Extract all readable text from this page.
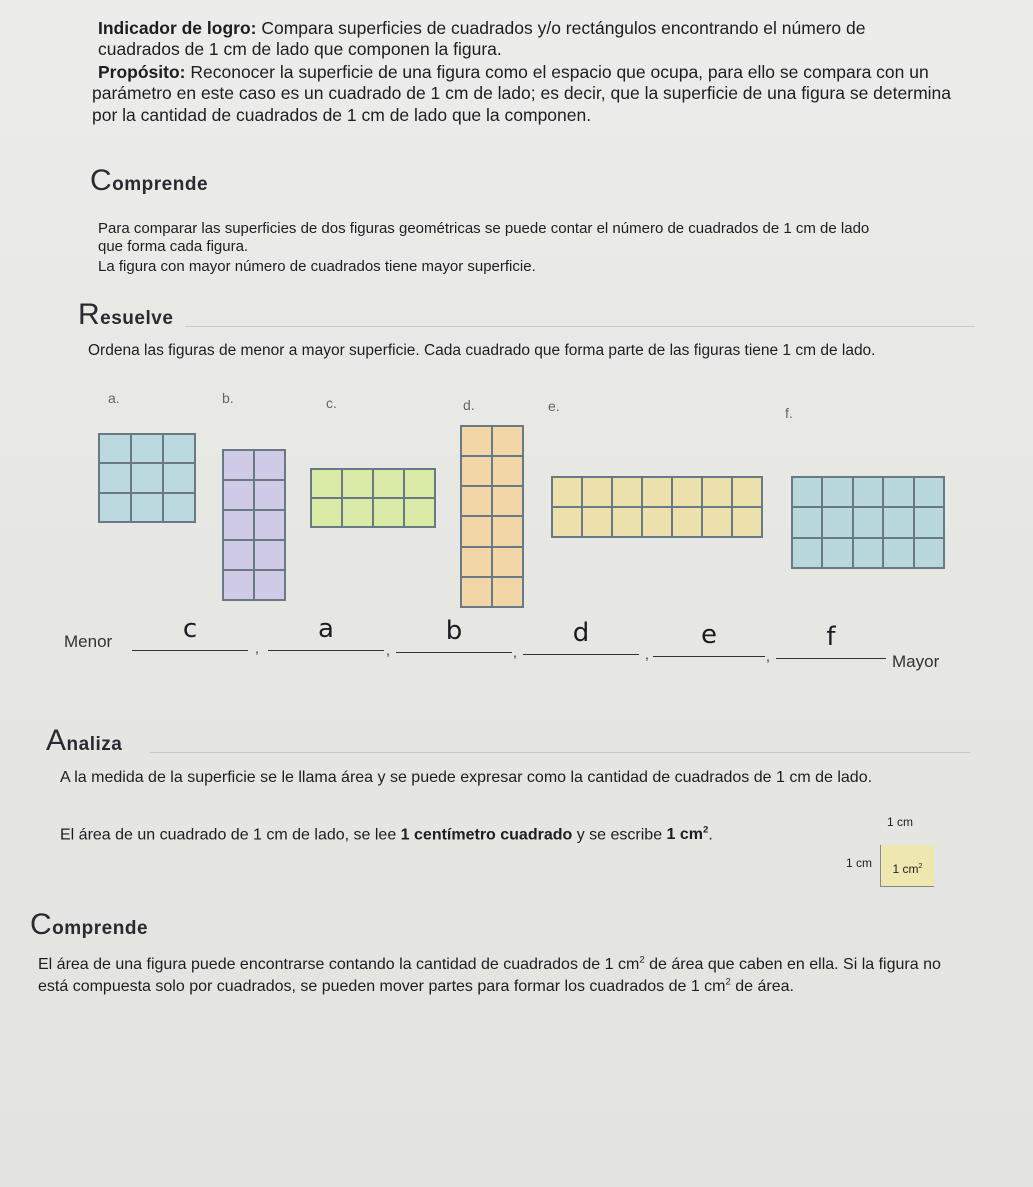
Indicador de logro: Compara superficies de cuadrados y/o rectángulos encontrando el número de cuadrados de 1 cm de lado que componen la figura.

Propósito: Reconocer la superficie de una figura como el espacio que ocupa, para ello se compara con un parámetro en este caso es un cuadrado de 1 cm de lado; es decir, que la superficie de una figura se determina por la cantidad de cuadrados de 1 cm de lado que la componen.

Comprende

Para comparar las superficies de dos figuras geométricas se puede contar el número de cuadrados de 1 cm de lado que forma cada figura.

La figura con mayor número de cuadrados tiene mayor superficie.

Resuelve

Ordena las figuras de menor a mayor superficie. Cada cuadrado que forma parte de las figuras tiene 1 cm de lado.

a.	b.	c.	d.	e.	f.
Menor	c
,
a
,
b
,
d
,
e
,
f
Mayor
Analiza

A la medida de la superficie se le llama área y se puede expresar como la cantidad de cuadrados de 1 cm de lado.

El área de un cuadrado de 1 cm de lado, se lee 1 centímetro cuadrado y se escribe 1 $cm^2$.

1 cm
1 cm	1 $cm^2$
Comprende

El área de una figura puede encontrarse contando la cantidad de cuadrados de 1 $cm^2$ de área que caben en ella. Si la figura no está compuesta solo por cuadrados, se pueden mover partes para formar los cuadrados de 1 $cm^2$ de área.
